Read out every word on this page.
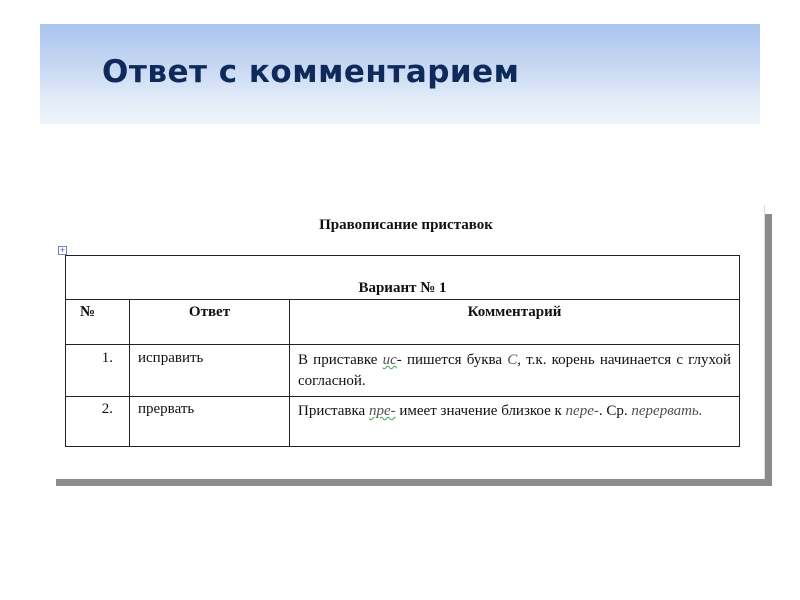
Ответ с комментарием
Правописание приставок
+
Вариант № 1		
№	Ответ	Комментарий
1.	исправить	В приставке ис- пишется буква С, т.к. корень начинается с глухой согласной.
2.	прервать	Приставка пре- имеет значение близкое к пере-. Ср. перервать.
